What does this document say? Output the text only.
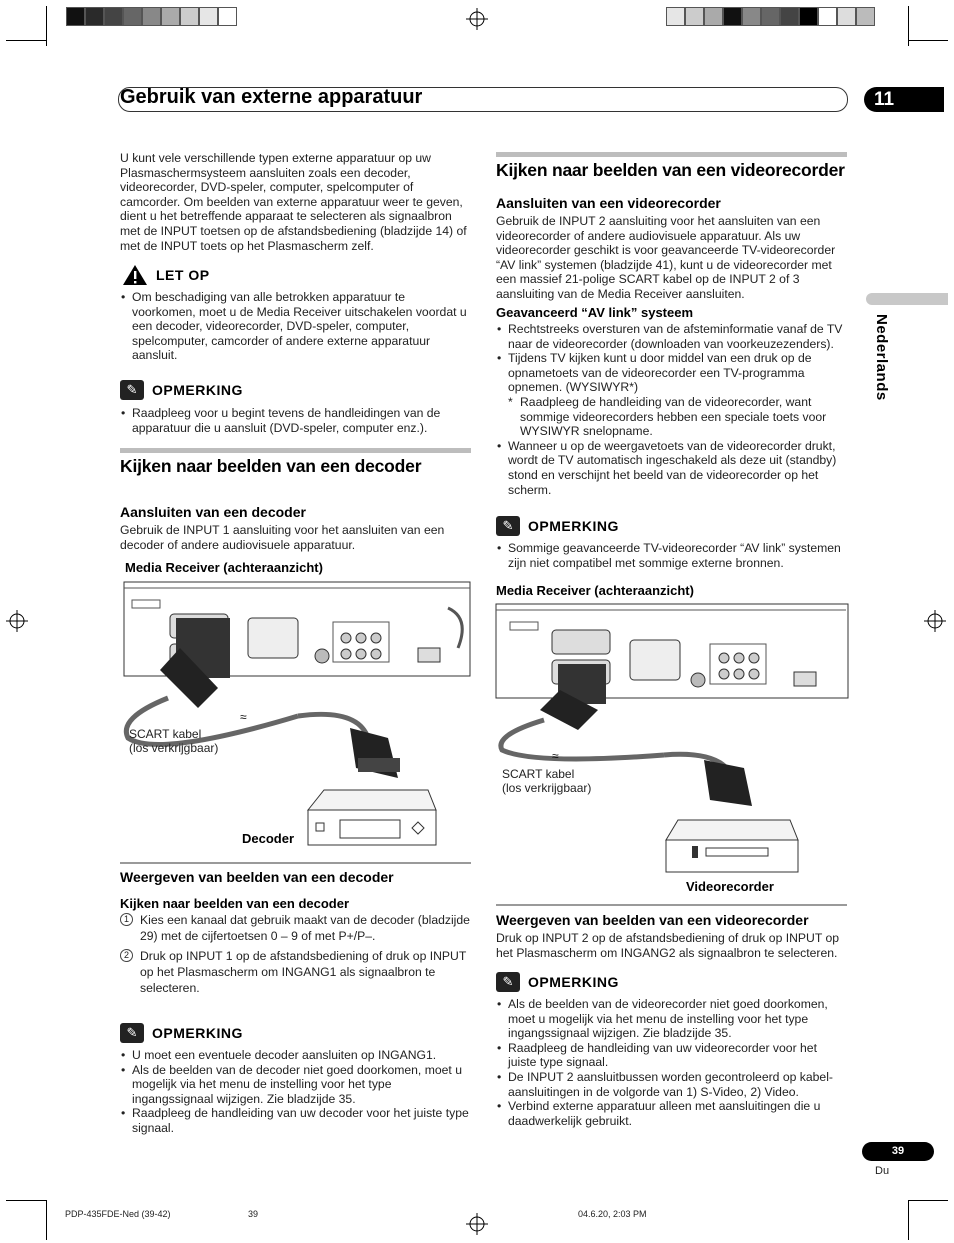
Gebruik van externe apparatuur	11
Nederlands
U kunt vele verschillende typen externe apparatuur op uw Plasmaschermsysteem aansluiten zoals een decoder, videorecorder, DVD-speler, computer, spelcomputer of camcorder. Om beelden van externe apparatuur weer te geven, dient u het betreffende apparaat te selecteren als signaalbron met de INPUT toetsen op de afstandsbediening (bladzijde 14) of met de INPUT toets op het Plasmascherm zelf.
LET OP
• Om beschadiging van alle betrokken apparatuur te voorkomen, moet u de Media Receiver uitschakelen voordat u een decoder, videorecorder, DVD-speler, computer, spelcomputer, camcorder of andere externe apparatuur aansluit.
✎	OPMERKING
• Raadpleeg voor u begint tevens de handleidingen van de apparatuur die u aansluit (DVD-speler, computer enz.).
Kijken naar beelden van een decoder
Aansluiten van een decoder
Gebruik de INPUT 1 aansluiting voor het aansluiten van een decoder of andere audiovisuele apparatuur.
Media Receiver (achteraanzicht)
≈
SCART kabel
(los verkrijgbaar)
Decoder
Weergeven van beelden van een decoder
Kijken naar beelden van een decoder
1 Kies een kanaal dat gebruik maakt van de decoder (bladzijde 29) met de cijfertoetsen 0 – 9 of met P+/P–.
2 Druk op INPUT 1 op de afstandsbediening of druk op INPUT op het Plasmascherm om INGANG1 als signaalbron te selecteren.
✎	OPMERKING
• U moet een eventuele decoder aansluiten op INGANG1.
• Als de beelden van de decoder niet goed doorkomen, moet u mogelijk via het menu de instelling voor het type ingangssignaal wijzigen. Zie bladzijde 35.
• Raadpleeg de handleiding van uw decoder voor het juiste type signaal.
Kijken naar beelden van een videorecorder
Aansluiten van een videorecorder
Gebruik de INPUT 2 aansluiting voor het aansluiten van een videorecorder of andere audiovisuele apparatuur. Als uw videorecorder geschikt is voor geavanceerde TV-videorecorder “AV link” systemen (bladzijde 41), kunt u de videorecorder met een massief 21-polige SCART kabel op de INPUT 2 of 3 aansluiting van de Media Receiver aansluiten.
Geavanceerd “AV link” systeem
• Rechtstreeks oversturen van de afsteminformatie vanaf de TV naar de videorecorder (downloaden van voorkeuzezenders).
• Tijdens TV kijken kunt u door middel van een druk op de opnametoets van de videorecorder een TV-programma opnemen. (WYSIWYR*)
* Raadpleeg de handleiding van de videorecorder, want sommige videorecorders hebben een speciale toets voor WYSIWYR snelopname.
• Wanneer u op de weergavetoets van de videorecorder drukt, wordt de TV automatisch ingeschakeld als deze uit (standby) stond en verschijnt het beeld van de videorecorder op het scherm.
✎	OPMERKING
• Sommige geavanceerde TV-videorecorder “AV link” systemen zijn niet compatibel met sommige externe bronnen.
Media Receiver (achteraanzicht)
≈
SCART kabel
(los verkrijgbaar)
Videorecorder
Weergeven van beelden van een videorecorder
Druk op INPUT 2 op de afstandsbediening of druk op INPUT op het Plasmascherm om INGANG2 als signaalbron te selecteren.
✎	OPMERKING
• Als de beelden van de videorecorder niet goed doorkomen, moet u mogelijk via het menu de instelling voor het type ingangssignaal wijzigen. Zie bladzijde 35.
• Raadpleeg de handleiding van uw videorecorder voor het juiste type signaal.
• De INPUT 2 aansluitbussen worden gecontroleerd op kabel-aansluitingen in de volgorde van 1) S-Video, 2) Video.
• Verbind externe apparatuur alleen met aansluitingen die u daadwerkelijk gebruikt.
39
Du
PDP-435FDE-Ned (39-42)	39	04.6.20, 2:03 PM
